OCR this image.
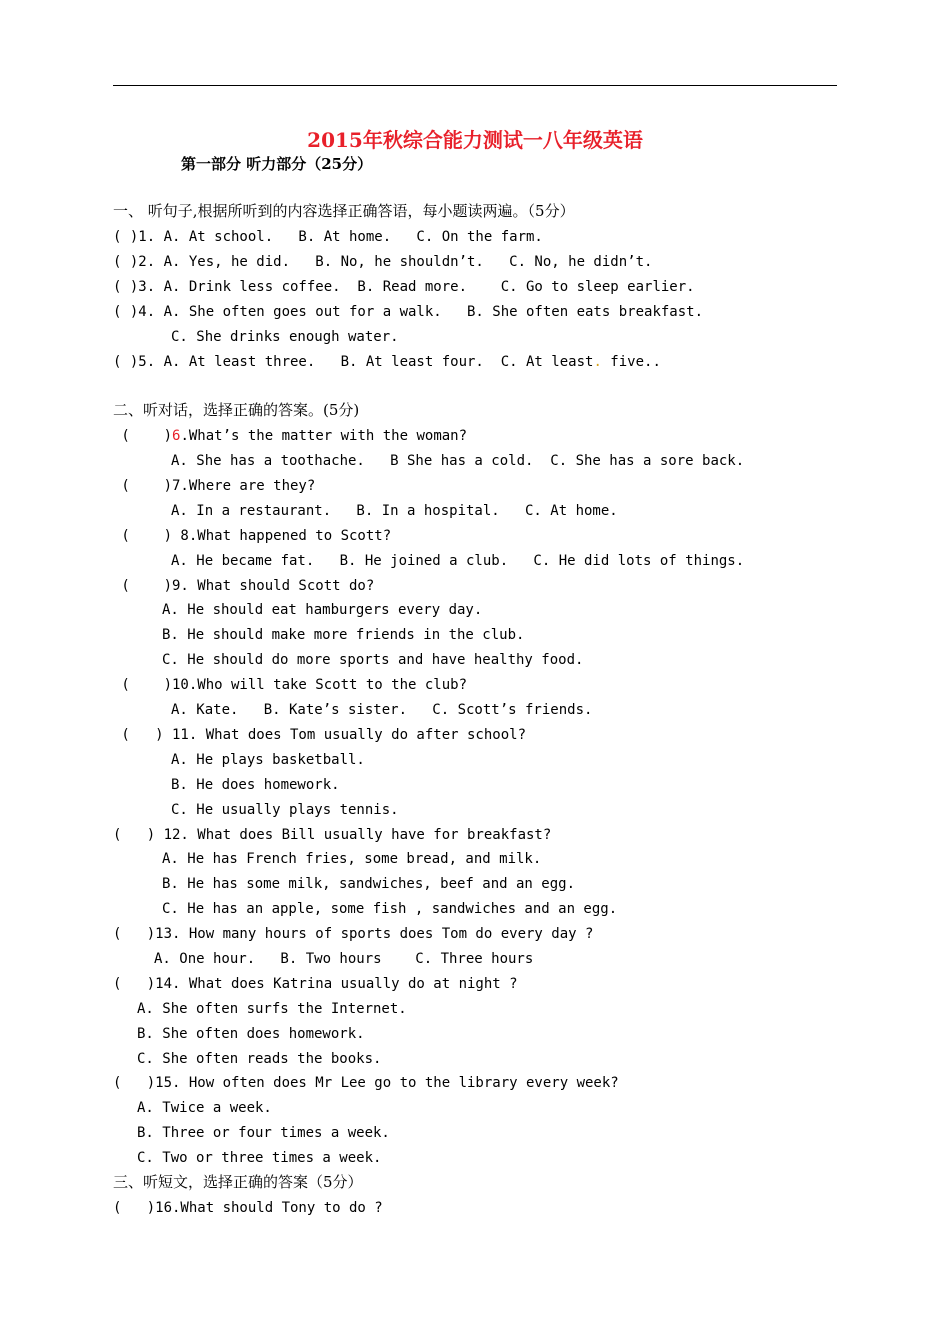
2015年秋综合能力测试一八年级英语
第一部分 听力部分（25分）
一、 听句子,根据所听到的内容选择正确答语，每小题读两遍。（5分）
( )1. A. At school.   B. At home.   C. On the farm.
( )2. A. Yes, he did.   B. No, he shouldn’t.   C. No, he didn’t.
( )3. A. Drink less coffee.  B. Read more.    C. Go to sleep earlier.
( )4. A. She often goes out for a walk.   B. She often eats breakfast.
C. She drinks enough water.
( )5. A. At least three.   B. At least four.  C. At least. five..
二、听对话，选择正确的答案。(5分)
(    )6.What’s the matter with the woman?
A. She has a toothache.   B She has a cold.  C. She has a sore back.
(    )7.Where are they?
A. In a restaurant.   B. In a hospital.   C. At home.
(    ) 8.What happened to Scott?
A. He became fat.   B. He joined a club.   C. He did lots of things.
(    )9. What should Scott do?
A. He should eat hamburgers every day.
B. He should make more friends in the club.
C. He should do more sports and have healthy food.
(    )10.Who will take Scott to the club?
A. Kate.   B. Kate’s sister.   C. Scott’s friends.
(   ) 11. What does Tom usually do after school?
A. He plays basketball.
B. He does homework.
C. He usually plays tennis.
(   ) 12. What does Bill usually have for breakfast?
A. He has French fries, some bread, and milk.
B. He has some milk, sandwiches, beef and an egg.
C. He has an apple, some fish , sandwiches and an egg.
(   )13. How many hours of sports does Tom do every day ?
A. One hour.   B. Two hours    C. Three hours
(   )14. What does Katrina usually do at night ?
A. She often surfs the Internet.
B. She often does homework.
C. She often reads the books.
(   )15. How often does Mr Lee go to the library every week?
A. Twice a week.
B. Three or four times a week.
C. Two or three times a week.
三、听短文，选择正确的答案（5分）
(   )16.What should Tony to do ?
